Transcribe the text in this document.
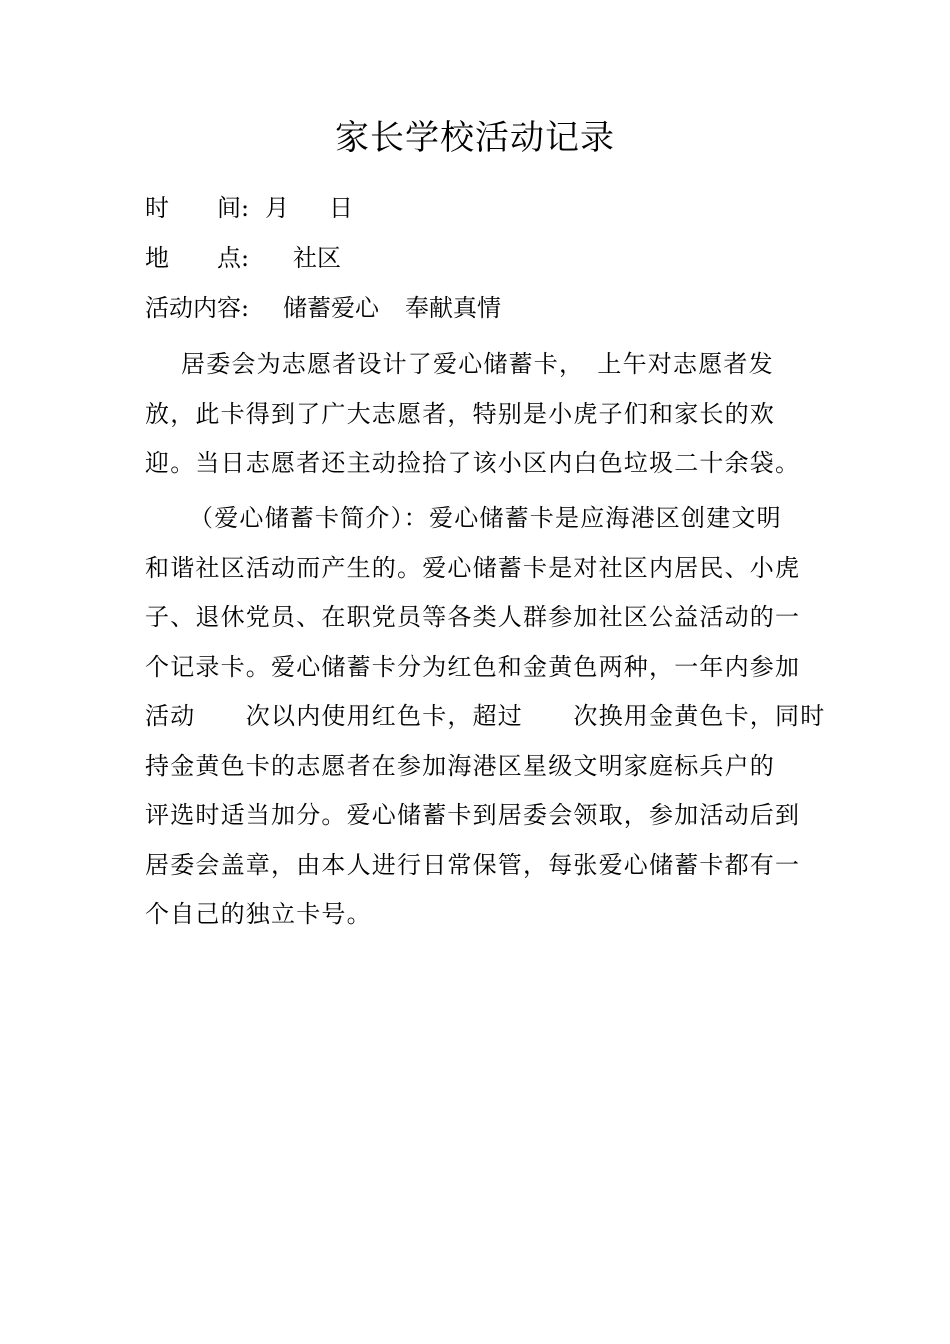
家长学校活动记录
时　　间: 月 日
地　　点: 社区
活动内容: 储蓄爱心 奉献真情
居委会为志愿者设计了爱心储蓄卡，　上午对志愿者发
放，此卡得到了广大志愿者，特别是小虎子们和家长的欢
迎。当日志愿者还主动捡拾了该小区内白色垃圾二十余袋。
（爱心储蓄卡简介）：爱心储蓄卡是应海港区创建文明
和谐社区活动而产生的。爱心储蓄卡是对社区内居民、小虎
子、退休党员、在职党员等各类人群参加社区公益活动的一
个记录卡。爱心储蓄卡分为红色和金黄色两种，一年内参加
活动　　次以内使用红色卡，超过　　次换用金黄色卡，同时
持金黄色卡的志愿者在参加海港区星级文明家庭标兵户的
评选时适当加分。爱心储蓄卡到居委会领取，参加活动后到
居委会盖章，由本人进行日常保管，每张爱心储蓄卡都有一
个自己的独立卡号。
